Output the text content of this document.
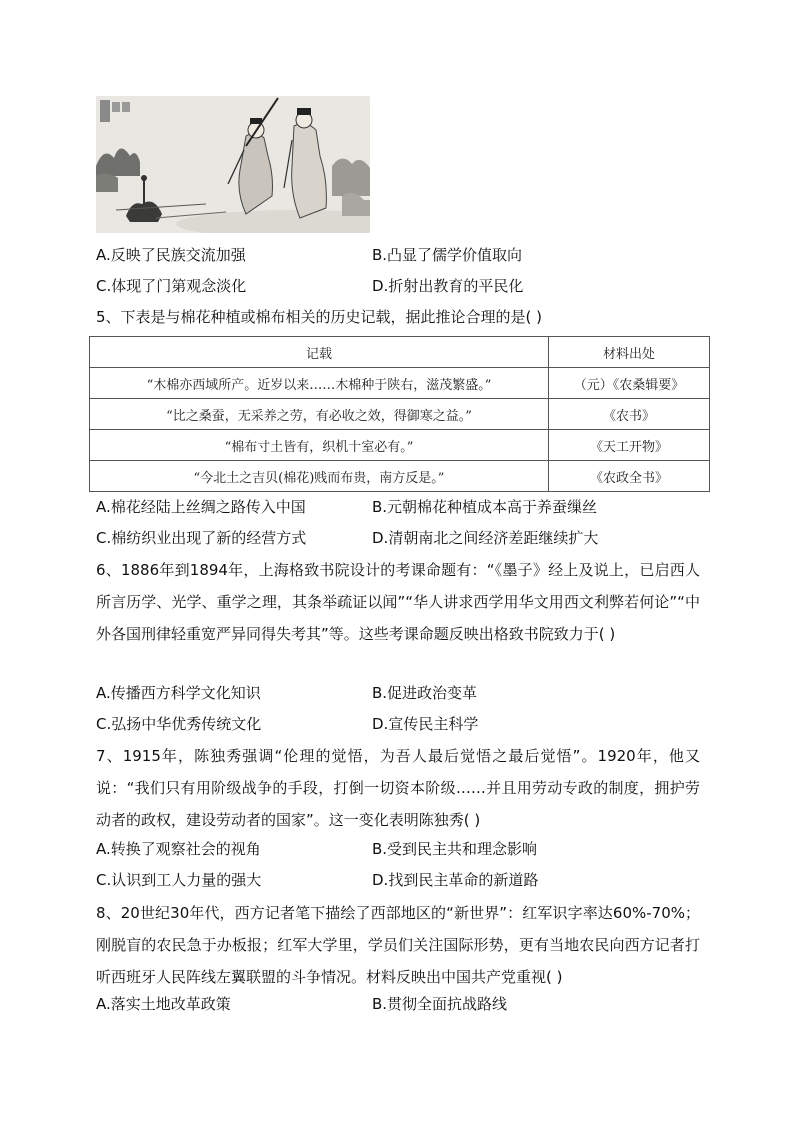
A.反映了民族交流加强	B.凸显了儒学价值取向
C.体现了门第观念淡化	D.折射出教育的平民化
5、下表是与棉花种植或棉布相关的历史记载，据此推论合理的是( )
记载	材料出处
“木棉亦西域所产。近岁以来……木棉种于陕右，滋茂繁盛。”	（元）《农桑辑要》
“比之桑蚕，无采养之劳，有必收之效，得御寒之益。”	《农书》
“棉布寸土皆有，织机十室必有。”	《天工开物》
“今北土之吉贝(棉花)贱而布贵，南方反是。”	《农政全书》
A.棉花经陆上丝绸之路传入中国	B.元朝棉花种植成本高于养蚕缫丝
C.棉纺织业出现了新的经营方式	D.清朝南北之间经济差距继续扩大
6、1886年到1894年，上海格致书院设计的考课命题有：“《墨子》经上及说上，已启西人所言历学、光学、重学之理，其条举疏证以闻”“华人讲求西学用华文用西文利弊若何论”“中外各国刑律轻重宽严异同得失考其”等。这些考课命题反映出格致书院致力于( )
A.传播西方科学文化知识	B.促进政治变革
C.弘扬中华优秀传统文化	D.宣传民主科学
7、1915年，陈独秀强调“伦理的觉悟，为吾人最后觉悟之最后觉悟”。1920年，他又说：“我们只有用阶级战争的手段，打倒一切资本阶级……并且用劳动专政的制度，拥护劳动者的政权，建设劳动者的国家”。这一变化表明陈独秀( )
A.转换了观察社会的视角	B.受到民主共和理念影响
C.认识到工人力量的强大	D.找到民主革命的新道路
8、20世纪30年代，西方记者笔下描绘了西部地区的“新世界”：红军识字率达60%-70%；刚脱盲的农民急于办板报；红军大学里，学员们关注国际形势，更有当地农民向西方记者打听西班牙人民阵线左翼联盟的斗争情况。材料反映出中国共产党重视( )
A.落实土地改革政策	B.贯彻全面抗战路线
